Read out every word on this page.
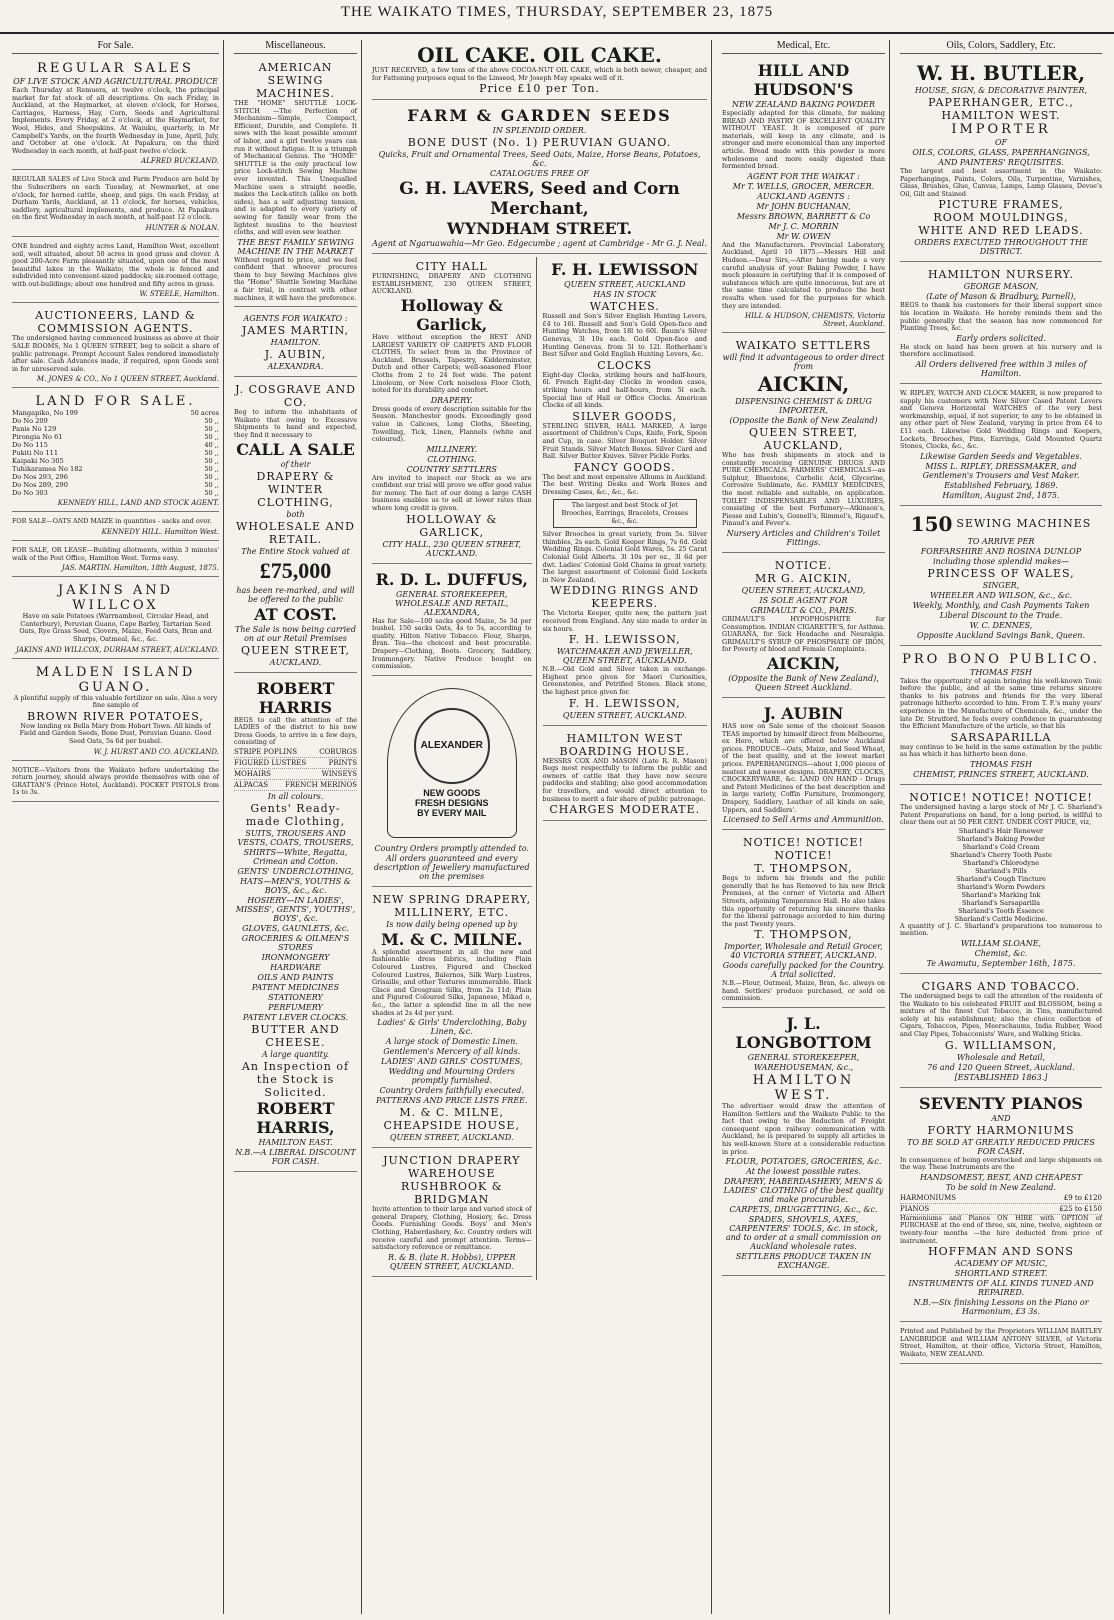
THE WAIKATO TIMES, THURSDAY, SEPTEMBER 23, 1875
For Sale.
REGULAR SALES
OF LIVE STOCK AND AGRICULTURAL PRODUCE
Each Thursday at Remuera, at twelve o'clock, the principal market for fat stock of all descriptions. On each Friday, in Auckland, at the Haymarket, at eleven o'clock, for Horses, Carriages, Harness, Hay, Corn, Seeds and Agricultural Implements. Every Friday, at 2 o'clock, at the Haymarket, for Wool, Hides, and Sheepskins. At Waiuku, quarterly, in Mr Campbell's Yards, on the fourth Wednesday in June, April, July, and October at one o'clock. At Papakura, on the third Wednesday in each month, at half-past twelve o'clock.
ALFRED BUCKLAND.
REGULAR SALES of Live Stock and Farm Produce are held by the Subscribers on each Tuesday, at Newmarket, at one o'clock, for horned cattle, sheep, and pigs. On each Friday, at Durham Yards, Auckland, at 11 o'clock, for horses, vehicles, saddlery, agricultural implements, and produce. At Papakura on the first Wednesday in each month, at half-past 12 o'clock.
HUNTER & NOLAN.
ONE hundred and eighty acres Land, Hamilton West, excellent soil, well situated, about 50 acres in good grass and clover. A good 200-Acre Farm pleasantly situated, upon one of the most beautiful lakes in the Waikato; the whole is fenced and subdivided into convenient-sized paddocks; six-roomed cottage, with out-buildings; about one hundred and fifty acres in grass.
W. STEELE, Hamilton.
AUCTIONEERS, LAND & COMMISSION AGENTS.
The undersigned having commenced business as above at their SALE ROOMS, No 1 QUEEN STREET, beg to solicit a share of public patronage. Prompt Account Sales rendered immediately after sale. Cash Advances made, if required, upon Goods sent in for unreserved sale.
M. JONES & CO., No 1 QUEEN STREET, Auckland.
LAND FOR SALE.
Mangapiko, No 199	50 acres
Do No 209	50 ,,
Panis No 129	50 ,,
Pirongia No 61	50 ,,
Do No 115	40 ,,
Pukiti No 111	50 ,,
Kaipaki No 305	50 ,,
Tuhikaramea No 182	50 ,,
Do Nos 293, 296	50 ,,
Do Nos 289, 290	50 ,,
Do No 303	50 ,,
KENNEDY HILL, LAND AND STOCK AGENT.
FOR SALE—OATS AND MAIZE in quantities - sacks and over.
KENNEDY HILL. Hamilton West.
FOR SALE, OR LEASE—Building allotments, within 3 minutes' walk of the Post Office, Hamilton West. Terms easy.
JAS. MARTIN. Hamilton, 18th August, 1875.
JAKINS AND WILLCOX
Have on sale Potatoes (Warrnambool, Circular Head, and Canterbury), Peruvian Guano, Cape Barley, Tartarian Seed Oats, Rye Grass Seed, Clovers, Maize, Feed Oats, Bran and Sharps, Oatmeal, &c., &c.
JAKINS AND WILLCOX, DURHAM STREET, AUCKLAND.
MALDEN ISLAND GUANO.
A plentiful supply of this valuable fertilizer on sale. Also a very fine sample of
BROWN RIVER POTATOES,
Now landing ex Bella Mary from Hobart Town. All kinds of Field and Garden Seeds, Bone Dust, Peruvian Guano. Good Seed Oats, 5s 6d per bushel.
W. J. HURST AND CO. AUCKLAND.
NOTICE—Visitors from the Waikato before undertaking the return journey, should always provide themselves with one of GRATTAN'S (Prince Hotel, Auckland). POCKET PISTOLS from 1s to 3s.
Miscellaneous.
AMERICAN SEWING MACHINES.
THE "HOME" SHUTTLE LOCK-STITCH —The Perfection of Mechanism—Simple, Compact, Efficient, Durable, and Complete. It sews with the least possible amount of labor, and a girl twelve years can run it without fatigue. It is a triumph of Mechanical Genius. The "HOME" SHUTTLE is the only practical low price Lock-stitch Sewing Machine ever invented. This Unequalled Machine uses a straight needle, makes the Lock-stitch (alike on both sides), has a self adjusting tension, and is adapted to every variety of sewing for family wear from the lightest muslins to the heaviest cloths, and will even sew leather.
THE BEST FAMILY SEWING MACHINE IN THE MARKET
Without regard to price, and we feel confident that whoever procures them to buy Sewing Machines give the "Home" Shuttle Sewing Machine a fair trial, in contrast with other machines, it will have the preference.
AGENTS FOR WAIKATO :
JAMES MARTIN,
HAMILTON.
J. AUBIN,
ALEXANDRA.
J. COSGRAVE AND CO.
Beg to inform the inhabitants of Waikato that owing to Excessive Shipments to hand and expected, they find it necessary to
CALL A SALE
of their
DRAPERY & WINTER CLOTHING,
both
WHOLESALE AND RETAIL.
The Entire Stock valued at
£75,000
has been re-marked, and will be offered to the public
AT COST.
The Sale is now being carried on at our Retail Premises
QUEEN STREET,
AUCKLAND.
ROBERT HARRIS
BEGS to call the attention of the LADIES of the district to his new Dress Goods, to arrive in a few days, consisting of
STRIPE POPLINS	COBURGS
FIGURED LUSTRES	PRINTS
MOHAIRS	WINSEYS
ALPACAS FRENCH MERINOS
In all colours.
Gents' Ready-made Clothing,
SUITS, TROUSERS AND VESTS, COATS, TROUSERS,
SHIRTS—White, Regatta, Crimean and Cotton.
GENTS' UNDERCLOTHING,
HATS—MEN'S, YOUTHS & BOYS, &c., &c.
HOSIERY—IN LADIES', MISSES', GENTS', YOUTHS', BOYS', &c.
GLOVES, GAUNLETS, &c.
GROCERIES & OILMEN'S STORES
IRONMONGERY
HARDWARE
OILS AND PAINTS
PATENT MEDICINES
STATIONERY
PERFUMERY
PATENT LEVER CLOCKS.
BUTTER AND CHEESE.
A large quantity.
An Inspection of the Stock is Solicited.
ROBERT HARRIS,
HAMILTON EAST.
N.B.—A LIBERAL DISCOUNT FOR CASH.
OIL CAKE. OIL CAKE.
JUST RECEIVED, a few tons of the above COCOA-NUT OIL CAKE, which is both newer, cheaper, and for Fattening purposes equal to the Linseed, Mr Joseph May speaks well of it.
Price £10 per Ton.
FARM & GARDEN SEEDS
IN SPLENDID ORDER.
BONE DUST (No. 1) PERUVIAN GUANO.
Quicks, Fruit and Ornamental Trees, Seed Oats, Maize, Horse Beans, Potatoes, &c.
CATALOGUES FREE OF
G. H. LAVERS, Seed and Corn Merchant,
WYNDHAM STREET.
Agent at Ngaruawahia—Mr Geo. Edgecumbe ; agent at Cambridge - Mr G. J. Neal.
CITY HALL
FURNISHING, DRAPERY AND CLOTHING ESTABLISHMENT, 230 QUEEN STREET, AUCKLAND.
Holloway & Garlick,
Have without exception the BEST AND LARGEST VARIETY OF CARPETS AND FLOOR CLOTHS, To select from in the Province of Auckland. Brussels, Tapestry, Kidderminster, Dutch and other Carpets; well-seasoned Floor Cloths from 2 to 24 feet wide. The patent Linoleum, or New Cork noiseless Floor Cloth, noted for its durability and comfort.
DRAPERY.
Dress goods of every description suitable for the Season. Manchester goods. Exceedingly good value in Calicoes, Long Cloths, Sheeting, Towelling, Tick, Linen, Flannels (white and coloured).
MILLINERY.
CLOTHING.
COUNTRY SETTLERS
Are invited to inspect our Stock as we are confident our trial will prove we offer good value for money. The fact of our doing a large CASH business enables us to sell at lower rates than where long credit is given.
HOLLOWAY & GARLICK,
CITY HALL, 230 QUEEN STREET, AUCKLAND.
R. D. L. DUFFUS,
GENERAL STOREKEEPER, WHOLESALE AND RETAIL, ALEXANDRA,
Has for Sale—100 sacks good Maize, 5s 3d per bushel. 150 sacks Oats, 4s to 5s, according to quality. Hilton Native Tobacco. Flour, Sharps, Bran. Tea—the choicest and best procurable. Drapery—Clothing, Boots. Grocery, Saddlery, Ironmongery. Native Produce bought on commission.
ALEXANDER
NEW GOODS
FRESH DESIGNS
BY EVERY MAIL
Country Orders promptly attended to.
All orders guaranteed and every description of Jewellery manufactured on the premises
NEW SPRING DRAPERY, MILLINERY, ETC.
Is now daily being opened up by
M. & C. MILNE.
A splendid assortment in all the new and fashionable dress fabrics, including Plain Coloured Lustres, Figured and Checked Coloured Lustres, Balernos, Silk Warp Lustres, Grisaille, and other Textures innumerable. Black Glacé and Grosgrain Silks, from 2s 11d; Plain and Figured Coloured Silks, Japanese, Mikad o, &c., the latter a splendid line in all the new shades at 2s 4d per yard.
Ladies' & Girls' Underclothing, Baby Linen, &c.
A large stock of Domestic Linen.
Gentlemen's Mercery of all kinds.
LADIES' AND GIRLS' COSTUMES,
Wedding and Mourning Orders promptly furnished.
Country Orders faithfully executed.
PATTERNS AND PRICE LISTS FREE.
M. & C. MILNE,
CHEAPSIDE HOUSE,
QUEEN STREET, AUCKLAND.
JUNCTION DRAPERY WAREHOUSE
RUSHBROOK & BRIDGMAN
Invite attention to their large and varied stock of general Drapery, Clothing, Hosiery, &c. Dress Goods. Furnishing Goods. Boys' and Men's Clothing, Haberdashery, &c. Country orders will receive careful and prompt attention. Terms—satisfactory reference or remittance.
R. & B. (late R. Hobbs), UPPER QUEEN STREET, AUCKLAND.
F. H. LEWISSON
QUEEN STREET, AUCKLAND
HAS IN STOCK
WATCHES.
Russell and Son's Silver English Hunting Levers, £4 to 16l. Russell and Son's Gold Open-face and Hunting Watches, from 18l to 60l. Baum's Silver Genevas, 3l 10s each. Gold Open-face and Hunting Genevas, from 5l to 12l. Rotherham's Best Silver and Gold English Hunting Levers, &c.
CLOCKS
Eight-day Clocks, striking hours and half-hours, 6l. French Eight-day Clocks in wooden cases, striking hours and half-hours, from 5l each. Special line of Hall or Office Clocks. American Clocks of all kinds.
SILVER GOODS,
STERLING SILVER, HALL MARKED, A large assortment of Children's Cups, Knife, Fork, Spoon and Cup, in case. Silver Bouquet Holder. Silver Fruit Stands. Silver Match Boxes. Silver Card and Ball. Silver Butter Knives. Silver Pickle Forks.
FANCY GOODS.
The best and most expensive Albums in Auckland. The best Writing Desks and Work Boxes and Dressing Cases, &c., &c., &c.
The largest and best Stock of Jet Brooches, Earrings, Bracelets, Crosses &c., &c.
Silver Brooches in great variety, from 5s. Silver thimbles, 2s each. Gold Keeper Rings, 7s 6d. Gold Wedding Rings. Colonial Gold Wares, 5s. 25 Carat Colonial Gold Alberts. 3l 10s per oz., 3l 6d per dwt. Ladies' Colonial Gold Chains in great variety. The largest assortment of Colonial Gold Lockets in New Zealand.
WEDDING RINGS AND KEEPERS.
The Victoria Keeper, quite new, the pattern just received from England. Any size made to order in six hours.
F. H. LEWISSON,
WATCHMAKER AND JEWELLER, QUEEN STREET, AUCKLAND.
N.B.—Old Gold and Silver taken in exchange. Highest price given for Maori Curiosities, Greenstones, and Petrified Stones. Black stone, the highest price given for.
F. H. LEWISSON,
QUEEN STREET, AUCKLAND.
HAMILTON WEST BOARDING HOUSE.
MESSRS COX AND MASON (Late R. R. Mason) Begs most respectfully to inform the public and owners of cattle that they have now secure paddocks and stabling; also good accommodation for travellers, and would direct attention to business to merit a fair share of public patronage.
CHARGES MODERATE.
Medical, Etc.
HILL AND HUDSON'S
NEW ZEALAND BAKING POWDER
Especially adapted for this climate, for making BREAD AND PASTRY OF EXCELLENT QUALITY WITHOUT YEAST. It is composed of pure materials, will keep in any climate, and is stronger and more economical than any imported article. Bread made with this powder is more wholesome and more easily digested than fermented bread.
AGENT FOR THE WAIKAT :
Mr T. WELLS, GROCER, MERCER.
AUCKLAND AGENTS :
Mr JOHN BUCHANAN,
Messrs BROWN, BARRETT & Co
Mr J. C. MORRIN
Mr W. OWEN
And the Manufacturers. Provincial Laboratory, Auckland, April 10 1875.—Messrs Hill and Hudson.—Dear Sirs,—After having made a very careful analysis of your Baking Powder, I have much pleasure in certifying that it is composed of substances which are quite innocuous, but are at the same time calculated to produce the best results when used for the purposes for which they are intended.
HILL & HUDSON, CHEMISTS, Victoria Street, Auckland.
WAIKATO SETTLERS
will find it advantageous to order direct from
AICKIN,
DISPENSING CHEMIST & DRUG IMPORTER,
(Opposite the Bank of New Zealand)
QUEEN STREET, AUCKLAND,
Who has fresh shipments in stock and is constantly receiving GENUINE DRUGS AND PURE CHEMICALS. FARMERS' CHEMICALS—as Sulphur, Bluestone, Carbolic Acid, Glycerine, Corrosive Sublimate, &c. FAMILY MEDICINES, the most reliable and suitable, on application. TOILET INDISPENSABLES AND LUXURIES, consisting of the best Perfumery—Atkinson's, Piesse and Lubin's, Gosnell's, Rimmel's, Rigaud's, Pinaud's and Fever's.
Nursery Articles and Children's Toilet Fittings.
NOTICE.
MR G. AICKIN,
QUEEN STREET, AUCKLAND,
IS SOLE AGENT FOR
GRIMAULT & CO., PARIS.
GRIMAULT'S HYPOPHOSPHITE for Consumption. INDIAN CIGARETTE'S, for Asthma. GUARANA, for Sick Headache and Neuralgia. GRIMAULT'S SYRUP OF PHOSPHATE OF IRON, for Poverty of blood and Female Complaints.
AICKIN,
(Opposite the Bank of New Zealand), Queen Street Auckland.
J. AUBIN
HAS now on Sale some of the choicest Season TEAS imported by himself direct from Melbourne, ex Hero, which are offered below Auckland prices. PRODUCE—Oats, Maize, and Seed Wheat, of the best quality, and at the lowest market prices. PAPERHANGINGS—about 1,000 pieces of neatest and newest designs. DRAPERY, CLOCKS, CROCKERYWARE, &c. LAND ON HAND - Drugs and Patent Medicines of the best description and in large variety, Coffin Furniture, Ironmongery, Drapery, Saddlery, Leather of all kinds on sale, Uppers, and Saddlers'.
Licensed to Sell Arms and Ammunition.
NOTICE! NOTICE! NOTICE!
T. THOMPSON,
Begs to inform his friends and the public generally that he has Removed to his new Brick Premises, at the corner of Victoria and Albert Streets, adjoining Temperance Hall. He also takes this opportunity of returning his sincere thanks for the liberal patronage accorded to him during the past Twenty years.
T. THOMPSON,
Importer, Wholesale and Retail Grocer, 40 VICTORIA STREET, AUCKLAND.
Goods carefully packed for the Country. A trial solicited.
N.B.—Flour, Oatmeal, Maize, Bran, &c. always on hand. Settlers' produce purchased, or sold on commission.
J. L. LONGBOTTOM
GENERAL STOREKEEPER,
WAREHOUSEMAN, &c.,
HAMILTON WEST.
The advertiser would draw the attention of Hamilton Settlers and the Waikato Public to the fact that owing to the Reduction of Freight consequent upon railway communication with Auckland, he is prepared to supply all articles in his well-known Store at a considerable reduction in price.
FLOUR, POTATOES, GROCERIES, &c.
At the lowest possible rates.
DRAPERY, HABERDASHERY, MEN'S & LADIES' CLOTHING of the best quality and make procurable.
CARPETS, DRUGGETTING, &c., &c.
SPADES, SHOVELS, AXES, CARPENTERS' TOOLS, &c. in stock, and to order at a small commission on Auckland wholesale rates.
SETTLERS PRODUCE TAKEN IN EXCHANGE.
Oils, Colors, Saddlery, Etc.
W. H. BUTLER,
HOUSE, SIGN, & DECORATIVE PAINTER,
PAPERHANGER, ETC.,
HAMILTON WEST.
IMPORTER
OF
OILS, COLORS, GLASS, PAPERHANGINGS,
AND PAINTERS' REQUISITES.
The largest and best assortment in the Waikato: Paperhangings, Paints, Colors, Oils, Turpentine, Varnishes, Glass, Brushes, Glue, Canvas, Lamps, Lamp Glasses, Devoe's Oil, Gilt and Stained
PICTURE FRAMES,
ROOM MOULDINGS,
WHITE AND RED LEADS.
ORDERS EXECUTED THROUGHOUT THE DISTRICT.
HAMILTON NURSERY.
GEORGE MASON,
(Late of Mason & Bradbury, Parnell),
BEGS to thank his customers for their liberal support since his location in Waikato. He hereby reminds them and the public generally that the season has now commenced for Planting Trees, &c.
Early orders solicited.
He stock on hand has been grown at his nursery and is therefore acclimatised.
All Orders delivered free within 3 miles of Hamilton.
W. RIPLEY, WATCH AND CLOCK MAKER, is now prepared to supply his customers with New Silver Cased Patent Levers and Geneva Horizontal WATCHES of the very best workmanship, equal, if not superior, to any to be obtained in any other part of New Zealand, varying in price from £4 to £11 each. Likewise Gold Wedding Rings and Keepers, Lockets, Brooches, Pins, Earrings, Gold Mounted Quartz Stones, Clocks, &c., &c.
Likewise Garden Seeds and Vegetables.
MISS L. RIPLEY, DRESSMAKER, and Gentlemen's Trousers and Vest Maker.
Established February, 1869.
Hamilton, August 2nd, 1875.
150 SEWING MACHINES
TO ARRIVE PER
FORFARSHIRE AND ROSINA DUNLOP
including those splendid makes—
PRINCESS OF WALES,
SINGER,
WHEELER AND WILSON, &c., &c.
Weekly, Monthly, and Cash Payments Taken
Liberal Discount to the Trade.
W. C. DENNES,
Opposite Auckland Savings Bank, Queen.
PRO BONO PUBLICO.
THOMAS FISH
Takes the opportunity of again bringing his well-known Tonic before the public, and at the same time returns sincere thanks to his patrons and friends for the very liberal patronage hitherto accorded to him. From T. F.'s many years' experience in the Manufacture of Chemicals, &c., under the late Dr. Stratford, he feels every confidence in guaranteeing the Efficient Manufacture of the article, so that his
SARSAPARILLA
may continue to be held in the same estimation by the public as has which it has hitherto been done.
THOMAS FISH
CHEMIST, PRINCES STREET, AUCKLAND.
NOTICE! NOTICE! NOTICE!
The undersigned having a large stock of Mr J. C. Sharland's Patent Preparations on hand, for a long period, is willful to clear them out at 50 PER CENT. UNDER COST PRICE, viz,
Sharland's Hair Renewer
Sharland's Baking Powder
Sharland's Cold Cream
Sharland's Cherry Tooth Paste
Sharland's Chlorodyne
Sharland's Pills
Sharland's Cough Tincture
Sharland's Worm Powders
Sharland's Marking Ink
Sharland's Sarsaparilla
Sharland's Tooth Essence
Sharland's Cattle Medicine.
A quantity of J. C. Sharland's preparations too numerous to mention.
WILLIAM SLOANE,
Chemist, &c.
Te Awamutu, September 16th, 1875.
CIGARS AND TOBACCO.
The undersigned begs to call the attention of the residents of the Waikato to his celebrated FRUIT and BLOSSOM, being a mixture of the finest Cut Tobacco, in Tins, manufactured solely at his establishment; also the choice collection of Cigars, Tobaccos, Pipes, Meerschaums, India Rubber, Wood and Clay Pipes, Tobacconists' Ware, and Walking Sticks.
G. WILLIAMSON,
Wholesale and Retail,
76 and 120 Queen Street, Auckland.
[ESTABLISHED 1863.]
SEVENTY PIANOS
AND
FORTY HARMONIUMS
TO BE SOLD AT GREATLY REDUCED PRICES FOR CASH.
In consequence of being overstocked and large shipments on the way. These Instruments are the
HANDSOMEST, BEST, AND CHEAPEST
To be sold in New Zealand.
HARMONIUMS	£9 to £120
PIANOS	£25 to £150
Harmoniums and Pianos ON HIRE with OPTION of PURCHASE at the end of three, six, nine, twelve, eighteen or twenty-four months —the hire deducted from price of instrument.
HOFFMAN AND SONS
ACADEMY OF MUSIC,
SHORTLAND STREET.
INSTRUMENTS OF ALL KINDS TUNED AND REPAIRED.
N.B.—Six finishing Lessons on the Piano or Harmonium, £3 3s.
Printed and Published by the Proprietors WILLIAM BARTLEY LANGBRIDGE and WILLIAM ANTONY SILVER, of Victoria Street, Hamilton, at their office, Victoria Street, Hamilton, Waikato, NEW ZEALAND.
